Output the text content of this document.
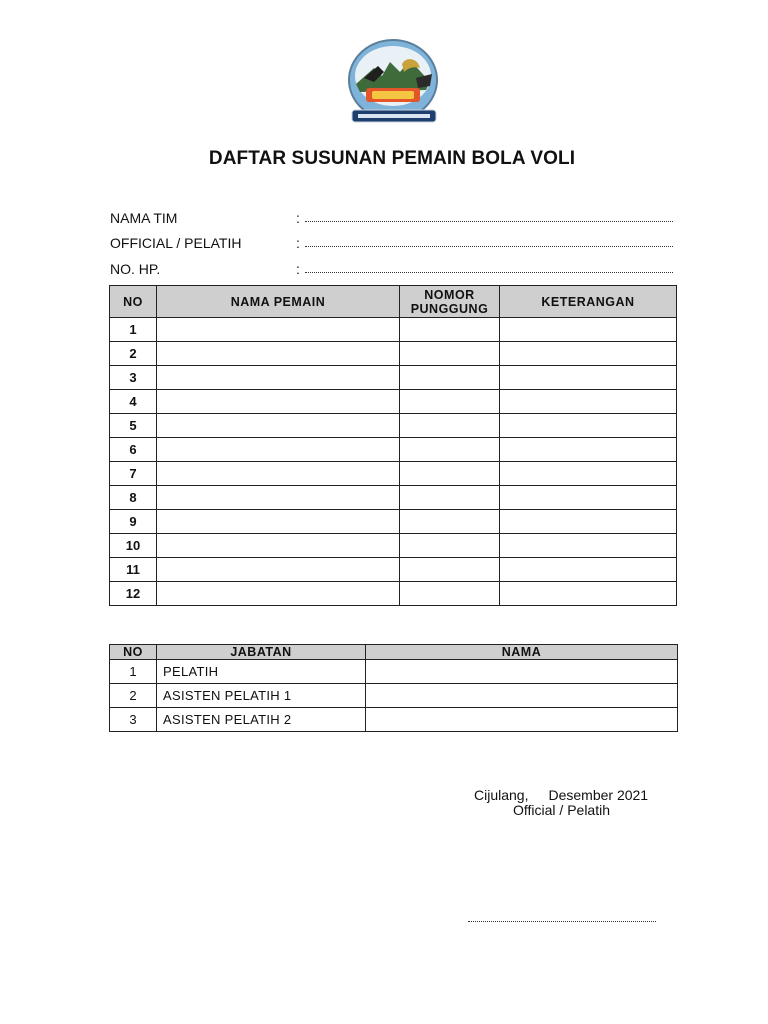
DAFTAR SUSUNAN PEMAIN BOLA VOLI
NAMA TIM	:
OFFICIAL / PELATIH	:
NO. HP.	:
NO	NAMA PEMAIN	NOMOR PUNGGUNG	KETERANGAN
1			
2			
3			
4			
5			
6			
7			
8			
9			
10			
11			
12			
NO	JABATAN	NAMA
1	PELATIH	
2	ASISTEN PELATIH 1	
3	ASISTEN PELATIH 2	
Cijulang, Desember 2021
Official / Pelatih
